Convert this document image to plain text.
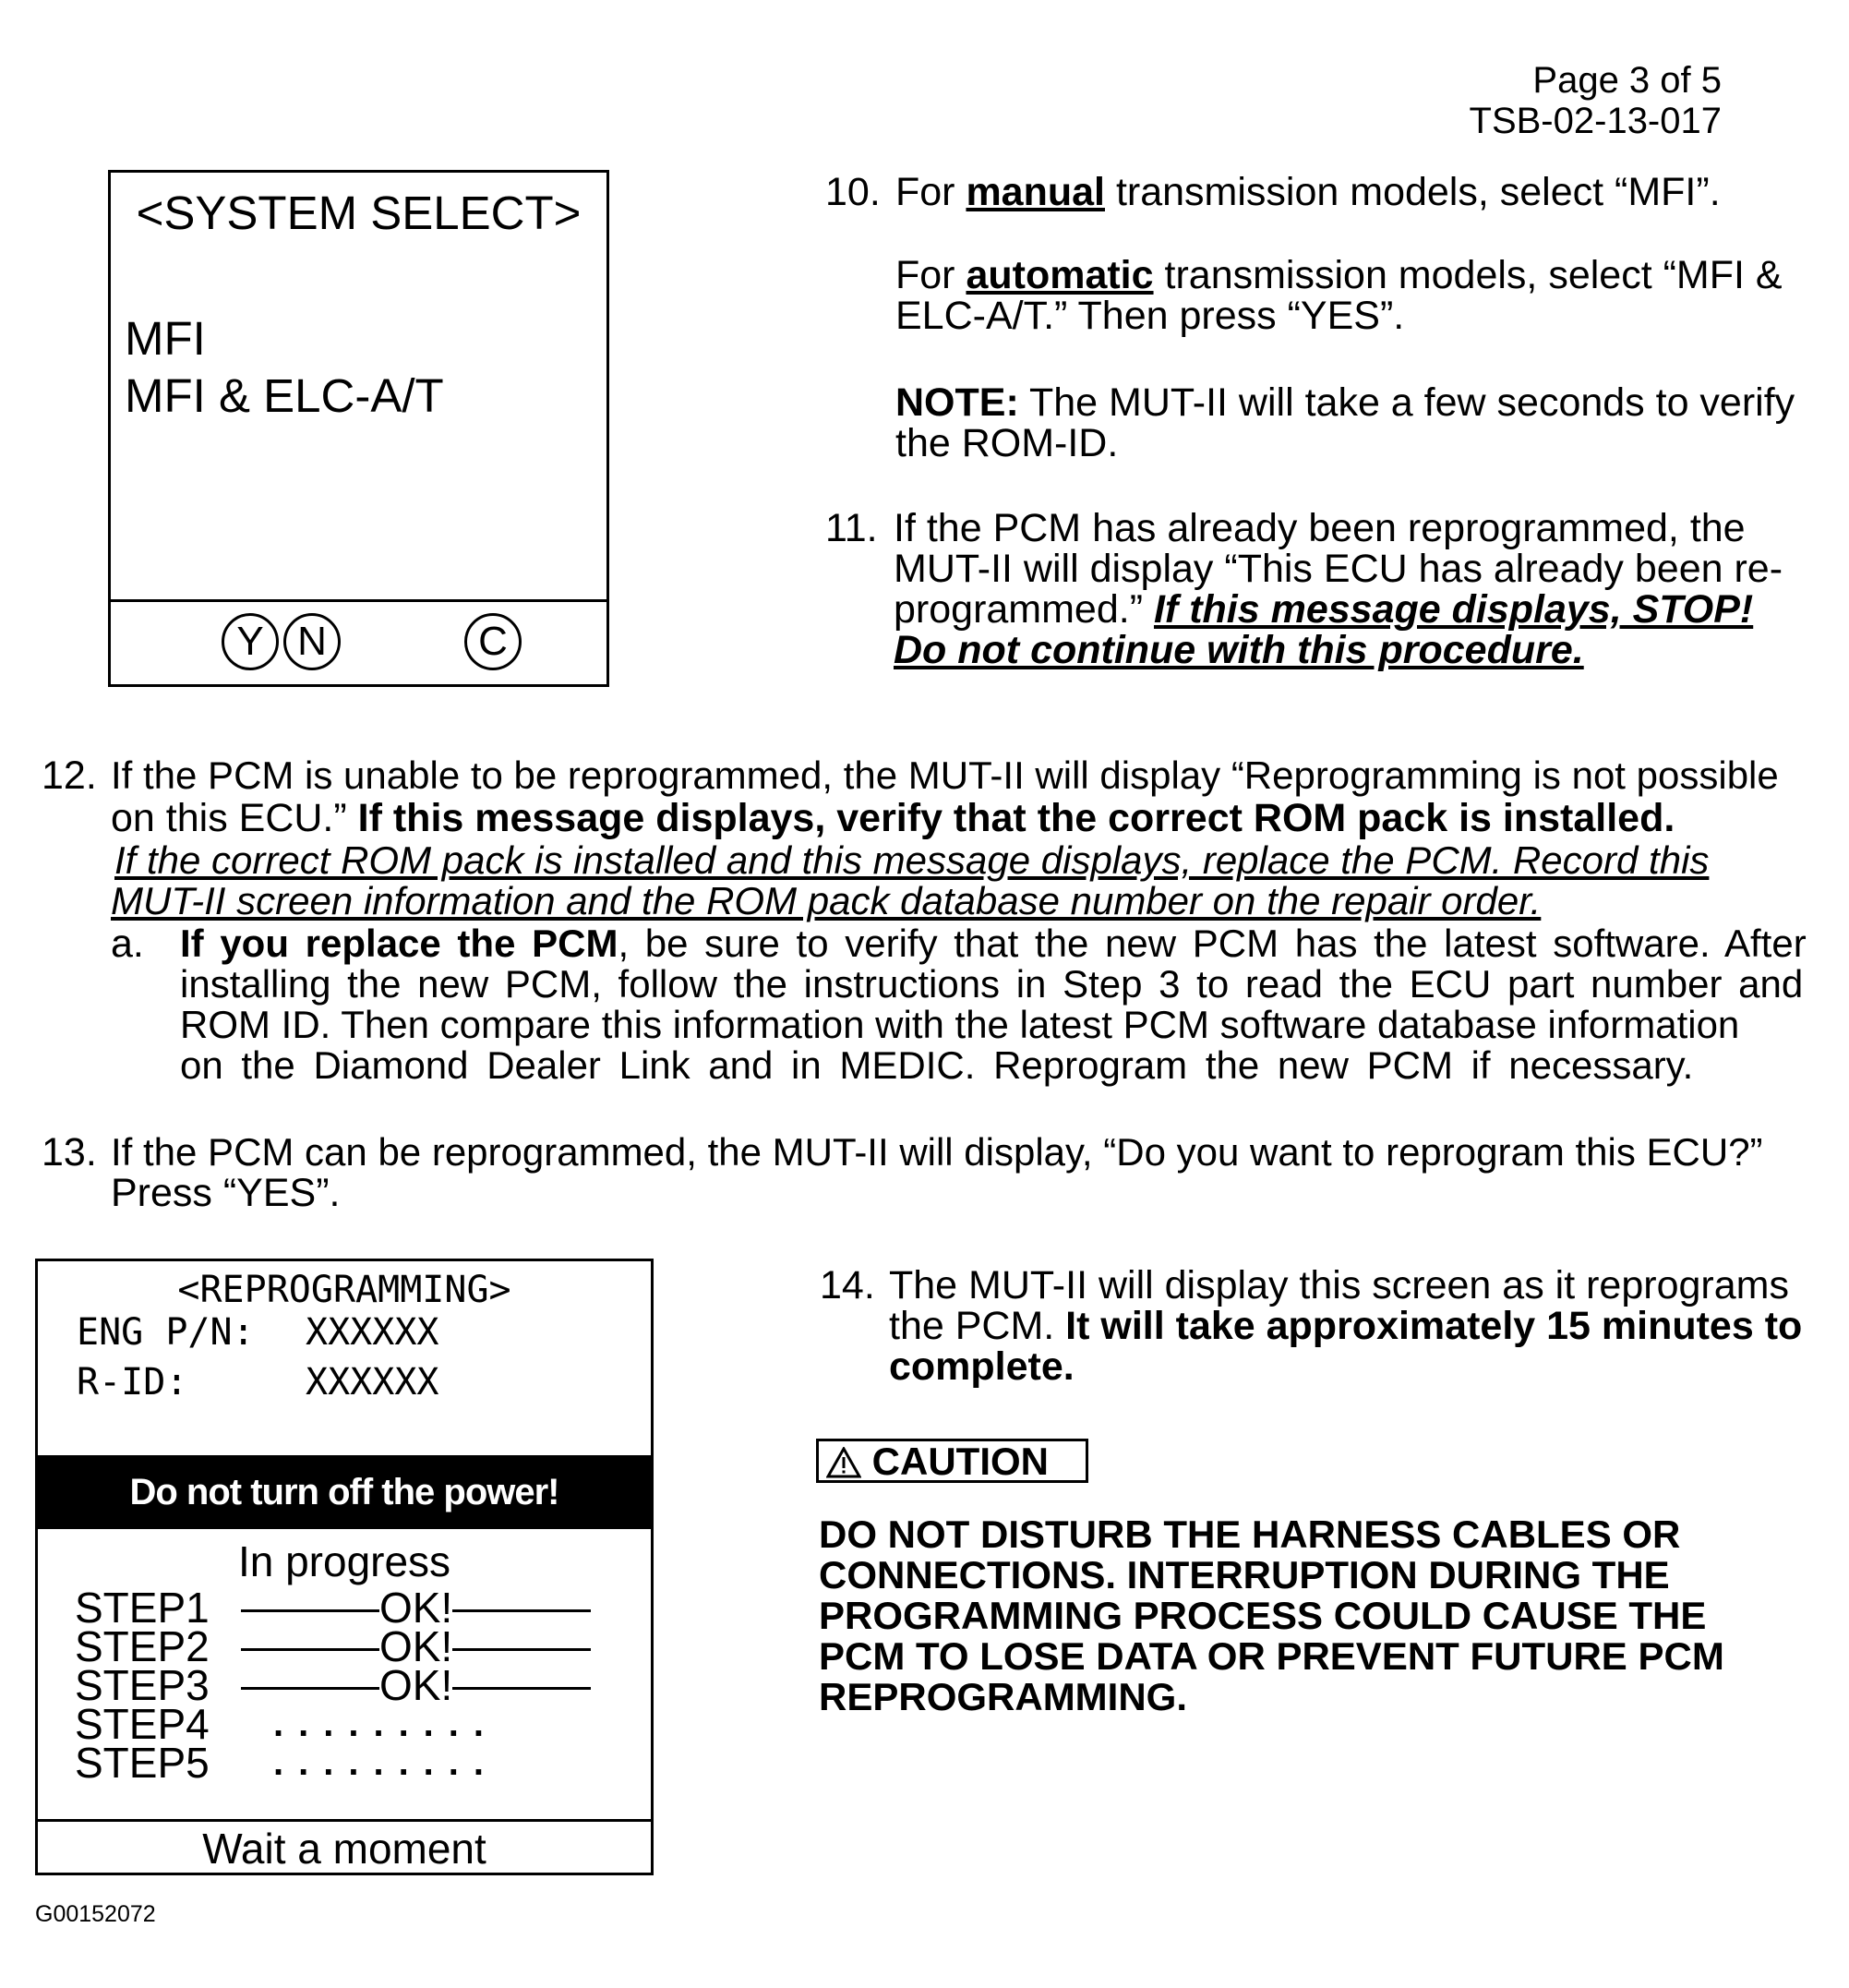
Page 3 of 5
TSB-02-13-017
<SYSTEM SELECT>
MFI
MFI & ELC-A/T
Y N	C
10. For manual transmission models, select “MFI”.
For automatic transmission models, select “MFI &
ELC-A/T.” Then press “YES”.
NOTE: The MUT-II will take a few seconds to verify
the ROM-ID.
11. If the PCM has already been reprogrammed, the
MUT-II will display “This ECU has already been re-
programmed.” If this message displays, STOP!
Do not continue with this procedure.
12. If the PCM is unable to be reprogrammed, the MUT-II will display “Reprogramming is not possible
on this ECU.” If this message displays, verify that the correct ROM pack is installed.
If the correct ROM pack is installed and this message displays, replace the PCM. Record this
MUT-II screen information and the ROM pack database number on the repair order.
a. If you replace the PCM, be sure to verify that the new PCM has the latest software. After
installing the new PCM, follow the instructions in Step 3 to read the ECU part number and
ROM ID. Then compare this information with the latest PCM software database information
on the Diamond Dealer Link and in MEDIC. Reprogram the new PCM if necessary.
13. If the PCM can be reprogrammed, the MUT-II will display, “Do you want to reprogram this ECU?”
Press “YES”.
<REPROGRAMMING>
ENG P/N: XXXXXX
R-ID:	XXXXXX
Do not turn off the power!
In progress
STEP1	OK!
STEP2	OK!
STEP3	OK!
STEP4 .........
STEP5 .........
Wait a moment
14. The MUT-II will display this screen as it reprograms
the PCM. It will take approximately 15 minutes to
complete.
CAUTION
DO NOT DISTURB THE HARNESS CABLES OR
CONNECTIONS. INTERRUPTION DURING THE
PROGRAMMING PROCESS COULD CAUSE THE
PCM TO LOSE DATA OR PREVENT FUTURE PCM
REPROGRAMMING.
G00152072
